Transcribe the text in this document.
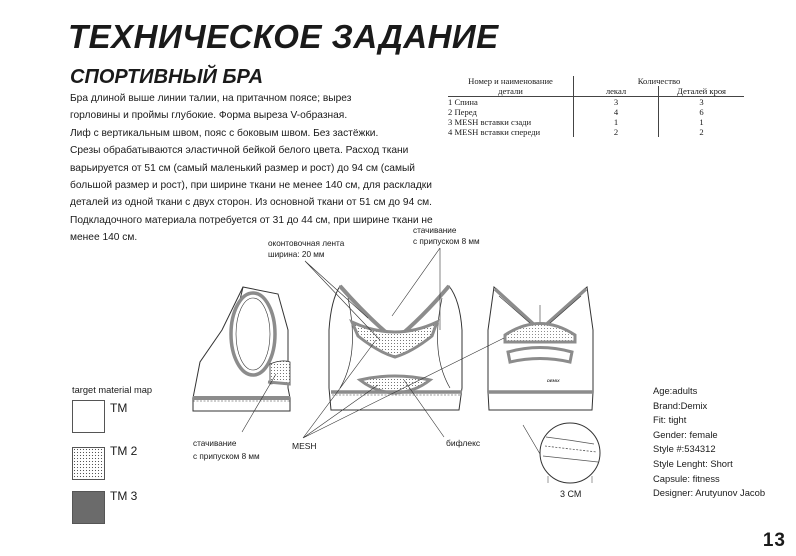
ТЕХНИЧЕСКОЕ ЗАДАНИЕ
СПОРТИВНЫЙ БРА
Бра длиной выше линии талии, на притачном поясе; вырез
горловины и проймы глубокие. Форма выреза V-образная.
Лиф с вертикальным швом, пояс с боковым швом. Без застёжки.
Срезы обрабатываются эластичной бейкой белого цвета. Расход ткани
варьируется от 51 см (самый маленький размер и рост) до 94 см (самый
большой размер и рост), при ширине ткани не менее 140 см, для раскладки
деталей из одной ткани с двух сторон. Из основной ткани от 51 см до 94 см.
Подкладочного материала потребуется от 31 до 44 см, при ширине ткани не
менее 140 см.
Номер и наименование	Количество	
детали	лекал	Деталей кроя
1 Спина	3	3
2 Перед	4	6
3 MESH вставки сзади	1	1
4 MESH вставки спереди	2	2
DEMIX
оконтовочная лента
ширина: 20 мм
стачивание
с припуском 8 мм
стачивание
с припуском 8 мм
MESH	бифлекс
3 СМ
target material map
TM
TM 2
TM 3
Age:adults
Brand:Demix
Fit: tight
Gender: female
Style #:534312
Style Lenght: Short
Capsule: fitness
Designer: Arutyunov Jacob
13
